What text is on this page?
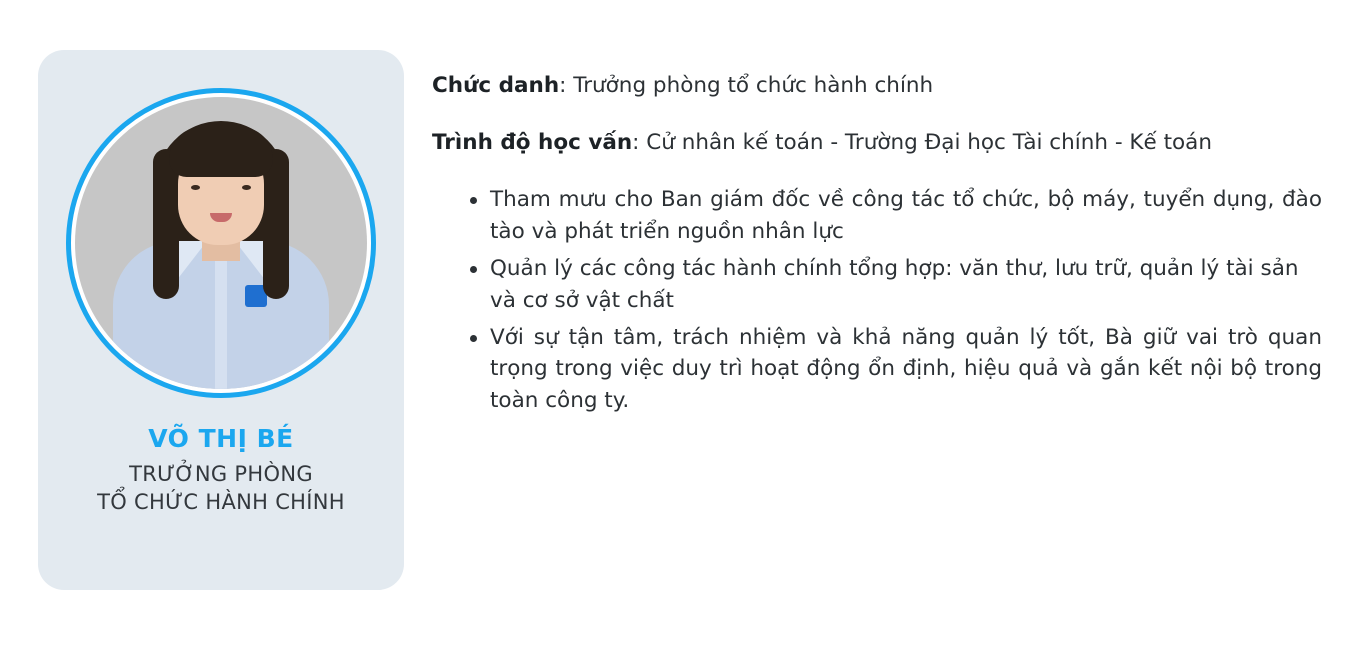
VÕ THỊ BÉ
TRƯỞNG PHÒNG
TỔ CHỨC HÀNH CHÍNH
Chức danh: Trưởng phòng tổ chức hành chính
Trình độ học vấn: Cử nhân kế toán - Trường Đại học Tài chính - Kế toán
Tham mưu cho Ban giám đốc về công tác tổ chức, bộ máy, tuyển dụng, đào tào và phát triển nguồn nhân lực
Quản lý các công tác hành chính tổng hợp: văn thư, lưu trữ, quản lý tài sản và cơ sở vật chất
Với sự tận tâm, trách nhiệm và khả năng quản lý tốt, Bà giữ vai trò quan trọng trong việc duy trì hoạt động ổn định, hiệu quả và gắn kết nội bộ trong toàn công ty.
